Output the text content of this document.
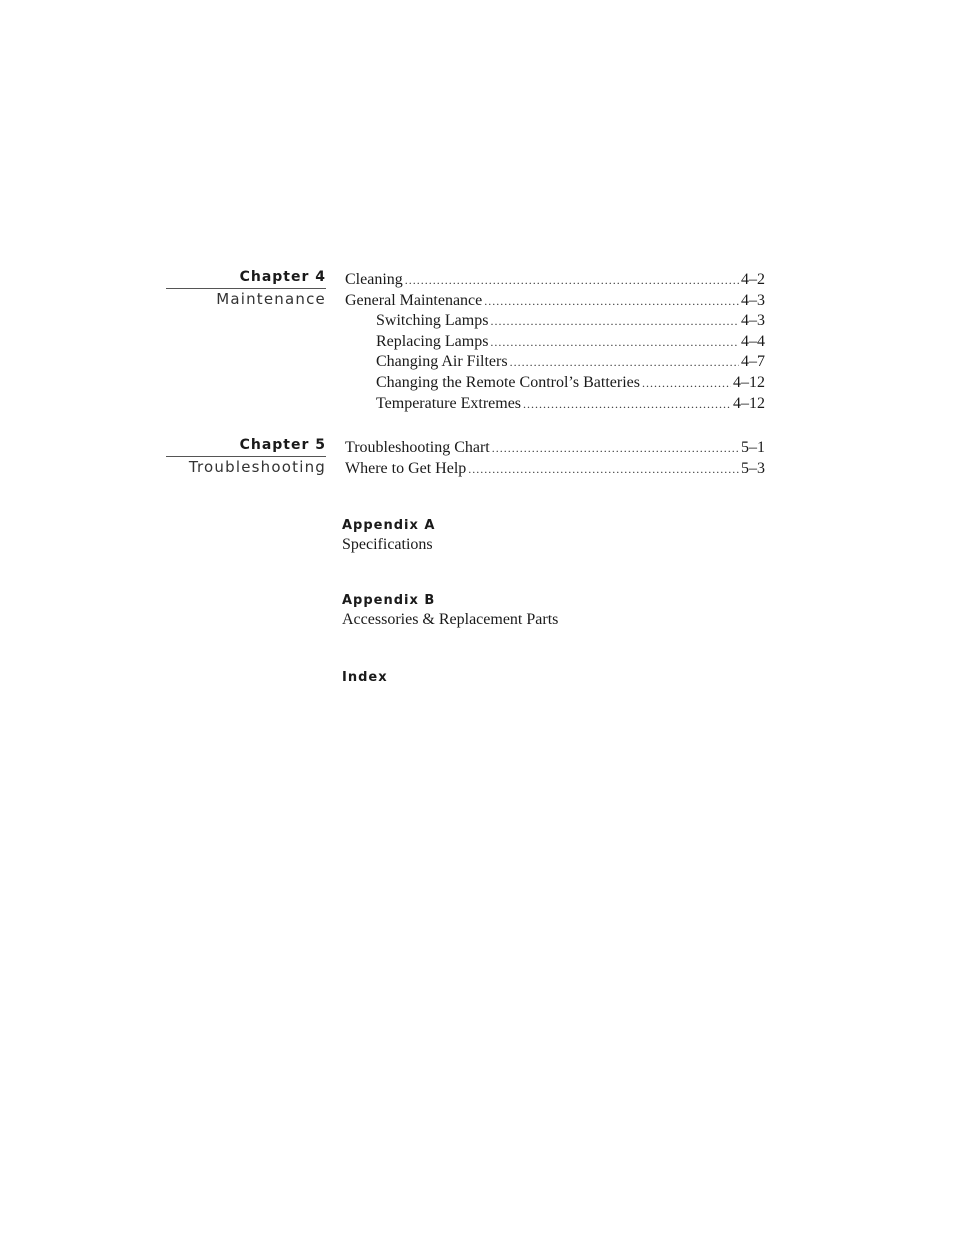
Chapter 4
Maintenance
Cleaning .....	4–2
General Maintenance .....	4–3
Switching Lamps .....	4–3
Replacing Lamps .....	4–4
Changing Air Filters .....	4–7
Changing the Remote Control’s Batteries .....	4–12
Temperature Extremes .....	4–12
Chapter 5
Troubleshooting
Troubleshooting Chart .....	5–1
Where to Get Help .....	5–3
Appendix A
Specifications
Appendix B
Accessories & Replacement Parts
Index
